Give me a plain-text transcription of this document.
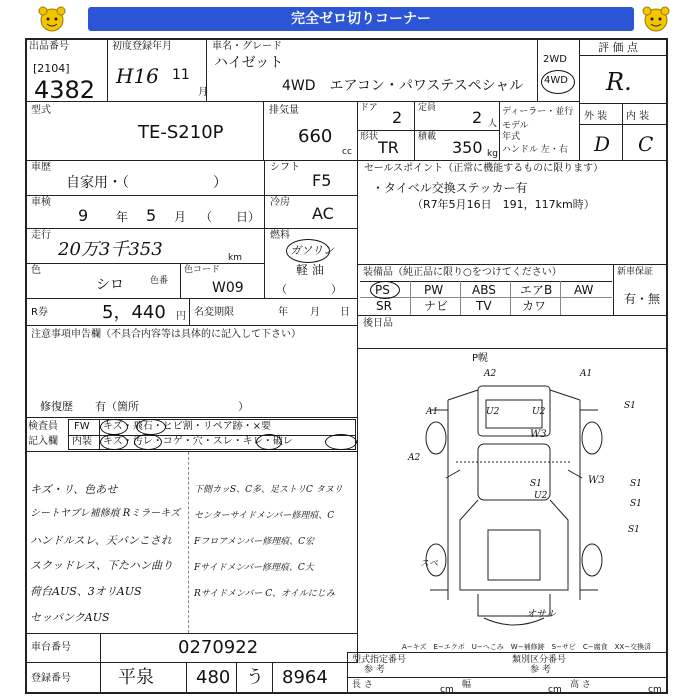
完全ゼロ切りコーナー
出品番号
[2104]
4382
初度登録年月
H16 11
月
車名・グレード
ハイゼット
4WD　エアコン・パワステスペシャル
2WD
4WD
評 価 点
R.
型式
TE-S210P
排気量
660
cc
ドア 2 定員 2 人
形状
TR
積載
350 kg
ディーラー・並行
モデル
年式
ハンドル 左・右
外 装 内 装
D C
車歴
自家用・（　　　　　　）
車検
9 年 5 月 （　　日）
走行
20万3千353	km
色
シロ	色番
色コード
W09
シフト
F5
冷房
AC
燃料
ガソリン
軽 油
（　　　　）
セールスポイント（正常に機能するものに限ります）
・タイベル交換ステッカー有
（R7年5月16日　191，117km時）
装備品（純正品に限り○をつけてください）
PS	PW ABS エアB AW
SR	ナビ TV	カワ
新車保証
有・無
R券	5，440 円 名変期限	年 月 日
後日品
注意事項申告欄（不具合内容等は具体的に記入して下さい）
修復歴　　有（箇所　　　　　　　　　）
検査員
記入欄
FW キズ・飛石・ヒビ割・リペア跡・×要
内装 キズ・汚レ・コゲ・穴・スレ・キレ・破レ
キズ・リ、色あせ
シートヤブレ補修痕 Rミラーキズ
ハンドルスレ、天バンこされ
スクッドレス、下たハン曲り
荷台AUS、3オリAUS
セッパンクAUS
下側カッS、C多、足ストリC タヌリ
センターサイドメンバー修理痕、C
Fフロアメンバー修理痕、C宏
Fサイドメンバー修理痕、C大
Rサイドメンバー C、オイルにじみ
P幌
A2	A1
A1
S1
U2	U2
W3
W3
S1
S1
S1
A2
U2
オサル
スペ
S1
A−キズ　E−エクボ　U−へこみ　W−補修跡　S−サビ　C−腐食　XX−交換済
車台番号	0270922
登録番号	平泉 480 う 8964
型式指定番号
参 考
類別区分番号
参 考
長 さ	cm 幅	cm 高 さ	cm
